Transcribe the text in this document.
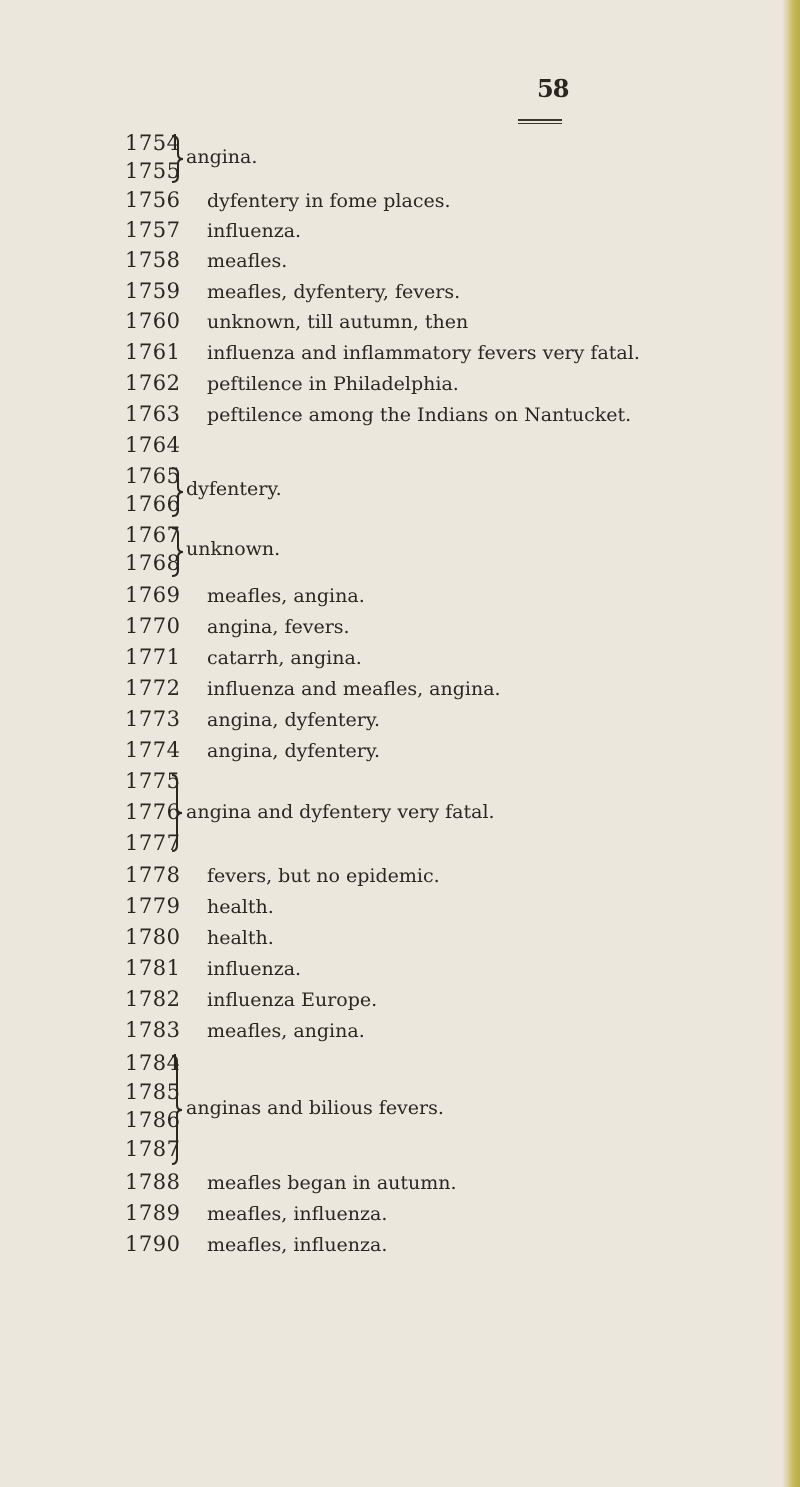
58
1754
1755
angina.
1756 dyfentery in fome places.
1757 influenza.
1758 meafles.
1759 meafles, dyfentery, fevers.
1760 unknown, till autumn, then
1761 influenza and inflammatory fevers very fatal.
1762 peftilence in Philadelphia.
1763 peftilence among the Indians on Nantucket.
1764
1765
1766
dyfentery.
1767
1768
unknown.
1769 meafles, angina.
1770 angina, fevers.
1771 catarrh, angina.
1772 influenza and meafles, angina.
1773 angina, dyfentery.
1774 angina, dyfentery.
1775
1776
1777
angina and dyfentery very fatal.
1778 fevers, but no epidemic.
1779 health.
1780 health.
1781 influenza.
1782 influenza Europe.
1783 meafles, angina.
1784
1785
1786
1787
anginas and bilious fevers.
1788 meafles began in autumn.
1789 meafles, influenza.
1790 meafles, influenza.
